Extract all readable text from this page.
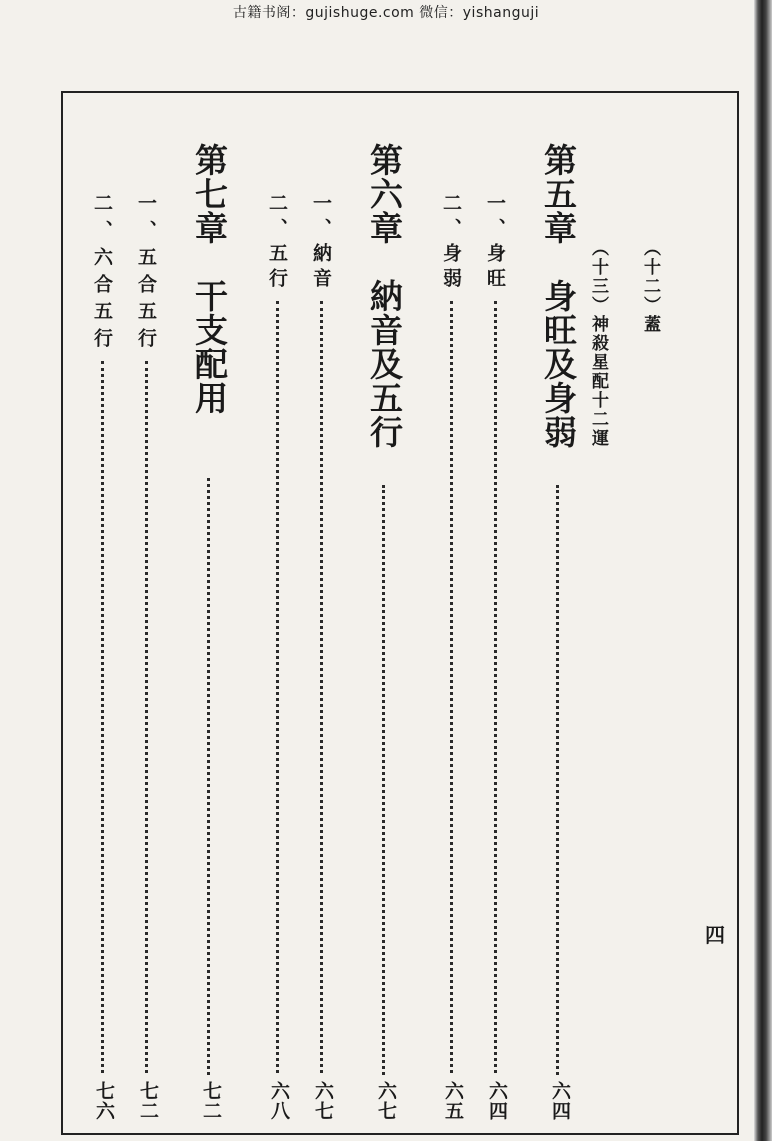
古籍书阁：gujishuge.com 微信：yishanguji
（十二）蓋
（十三）神殺星配十二運
第五章　身旺及身弱
六四
一、身旺
六四
二、身弱
六五
第六章　納音及五行
六七
一、納音
六七
二、五行
六八
第七章　干支配用
七二
一、五合五行
七二
二、六合五行
七六
四
